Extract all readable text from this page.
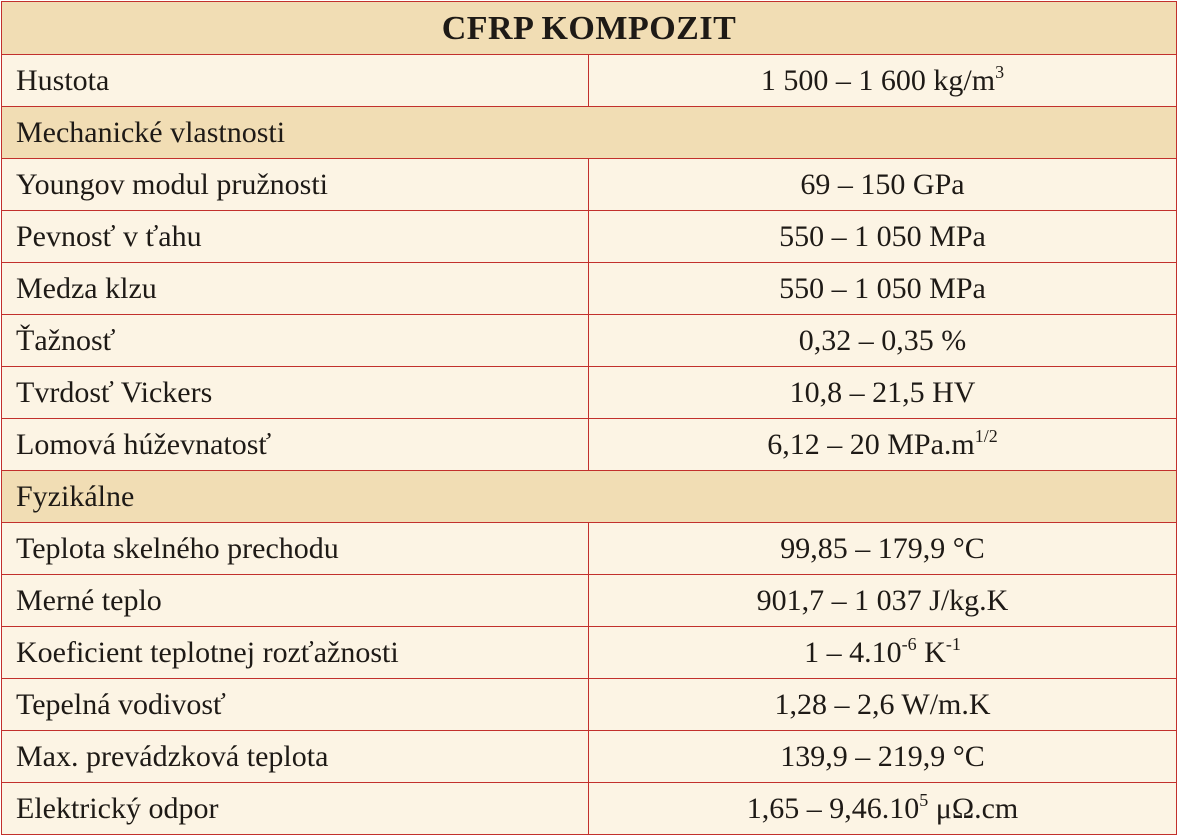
CFRP KOMPOZIT	
Hustota	1 500 – 1 600 $kg/m^3$
Mechanické vlastnosti	
Youngov modul pružnosti	69 – 150 GPa
Pevnosť v ťahu	550 – 1 050 MPa
Medza klzu	550 – 1 050 MPa
Ťažnosť	0,32 – 0,35 %
Tvrdosť Vickers	10,8 – 21,5 HV
Lomová húževnatosť	6,12 – 20 $MPa.m^{1/2}$
Fyzikálne	
Teplota skelného prechodu	99,85 – 179,9 °C
Merné teplo	901,7 – 1 037 J/kg.K
Koeficient teplotnej rozťažnosti	$1 - 4.10^{-6}$ $K^{-1}$
Tepelná vodivosť	1,28 – 2,6 W/m.K
Max. prevádzková teplota	139,9 – 219,9 °C
Elektrický odpor	1,65 – 9,46.10$^5$ μΩ.cm
